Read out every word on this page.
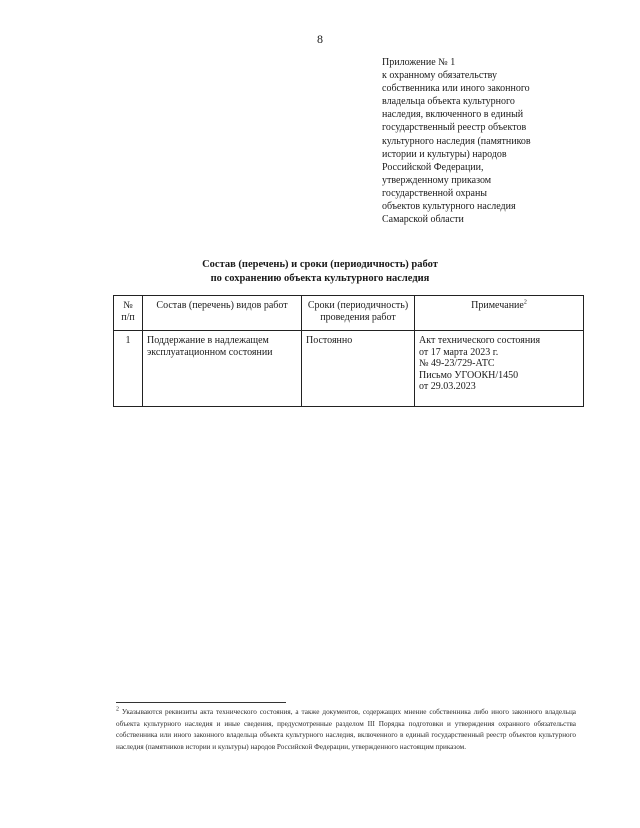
8
Приложение № 1
к охранному обязательству
собственника или иного законного
владельца объекта культурного
наследия, включенного в единый
государственный реестр объектов
культурного наследия (памятников
истории и культуры) народов
Российской Федерации,
утвержденному приказом
государственной охраны
объектов культурного наследия
Самарской области
Состав (перечень) и сроки (периодичность) работ
по сохранению объекта культурного наследия
№
п/п	Состав (перечень) видов работ	Сроки (периодичность)
проведения работ	Примечание$^2$
1	Поддержание в надлежащем эксплуатационном состоянии	Постоянно	Акт технического состояния
от 17 марта 2023 г.
№ 49-23/729-АТС
Письмо УГООКН/1450
от 29.03.2023
$^2$ Указываются реквизиты акта технического состояния, а также документов, содержащих мнение собственника либо иного законного владельца объекта культурного наследия и иные сведения, предусмотренные разделом III Порядка подготовки и утверждения охранного обязательства собственника или иного законного владельца объекта культурного наследия, включенного в единый государственный реестр объектов культурного наследия (памятников истории и культуры) народов Российской Федерации, утвержденного настоящим приказом.
